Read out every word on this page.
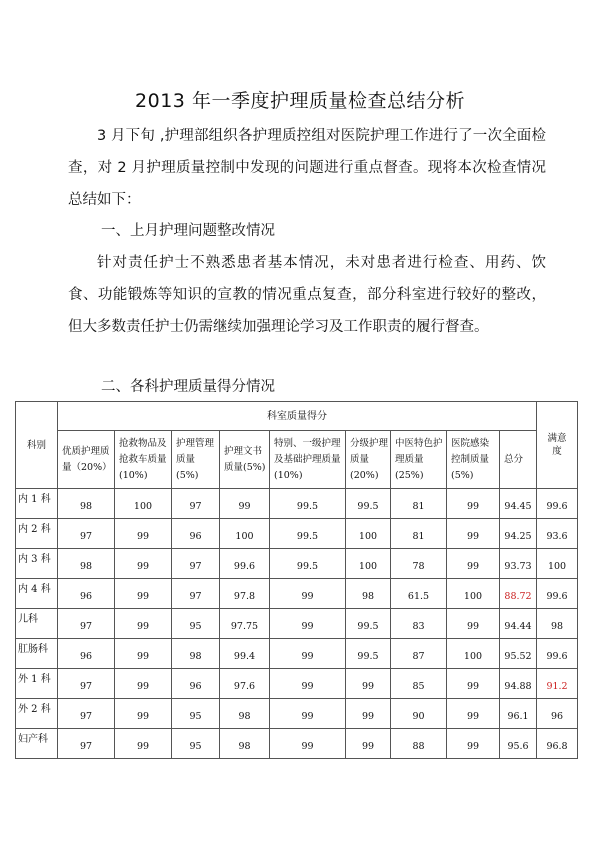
2013 年一季度护理质量检查总结分析
3 月下旬 ,护理部组织各护理质控组对医院护理工作进行了一次全面检查，对 2 月护理质量控制中发现的问题进行重点督查。现将本次检查情况总结如下：
一、上月护理问题整改情况
针对责任护士不熟悉患者基本情况，未对患者进行检查、用药、饮食、功能锻炼等知识的宣教的情况重点复查，部分科室进行较好的整改，但大多数责任护士仍需继续加强理论学习及工作职责的履行督查。
二、各科护理质量得分情况
科别	科室质量得分									满意度
	优质护理质量（20%）	抢救物品及抢救车质量(10%)	护理管理质量(5%)	护理文书质量(5%)	特别、一级护理及基础护理质量(10%)	分级护理质量(20%)	中医特色护理质量(25%)	医院感染控制质量(5%)	总分	
内 1 科	98	100	97	99	99.5	99.5	81	99	94.45	99.6
内 2 科	97	99	96	100	99.5	100	81	99	94.25	93.6
内 3 科	98	99	97	99.6	99.5	100	78	99	93.73	100
内 4 科	96	99	97	97.8	99	98	61.5	100	88.72	99.6
儿科	97	99	95	97.75	99	99.5	83	99	94.44	98
肛肠科	96	99	98	99.4	99	99.5	87	100	95.52	99.6
外 1 科	97	99	96	97.6	99	99	85	99	94.88	91.2
外 2 科	97	99	95	98	99	99	90	99	96.1	96
妇产科	97	99	95	98	99	99	88	99	95.6	96.8
